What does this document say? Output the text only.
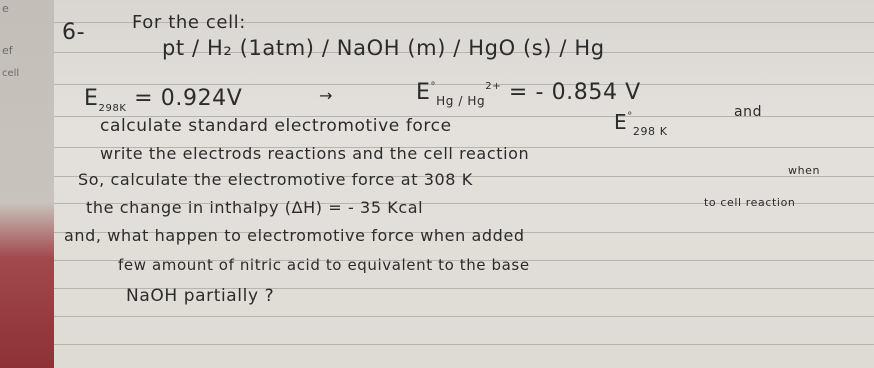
e
ef
cell
6-	For the cell:
pt / H₂ (1atm) / NaOH (m) / HgO (s) / Hg
$E_{298K} = 0.924V$	→	$E^\circ_{Hg / Hg}^{2+}$ = - 0.854 V
calculate standard electromotive force	$E^\circ_{298 K}$
and
write the electrods reactions and the cell reaction
So, calculate the electromotive force at 308 K	when
the change in inthalpy (ΔH) = - 35 Kcal	to cell reaction
and, what happen to electromotive force when added
few amount of nitric acid to equivalent to the base
NaOH partially ?
